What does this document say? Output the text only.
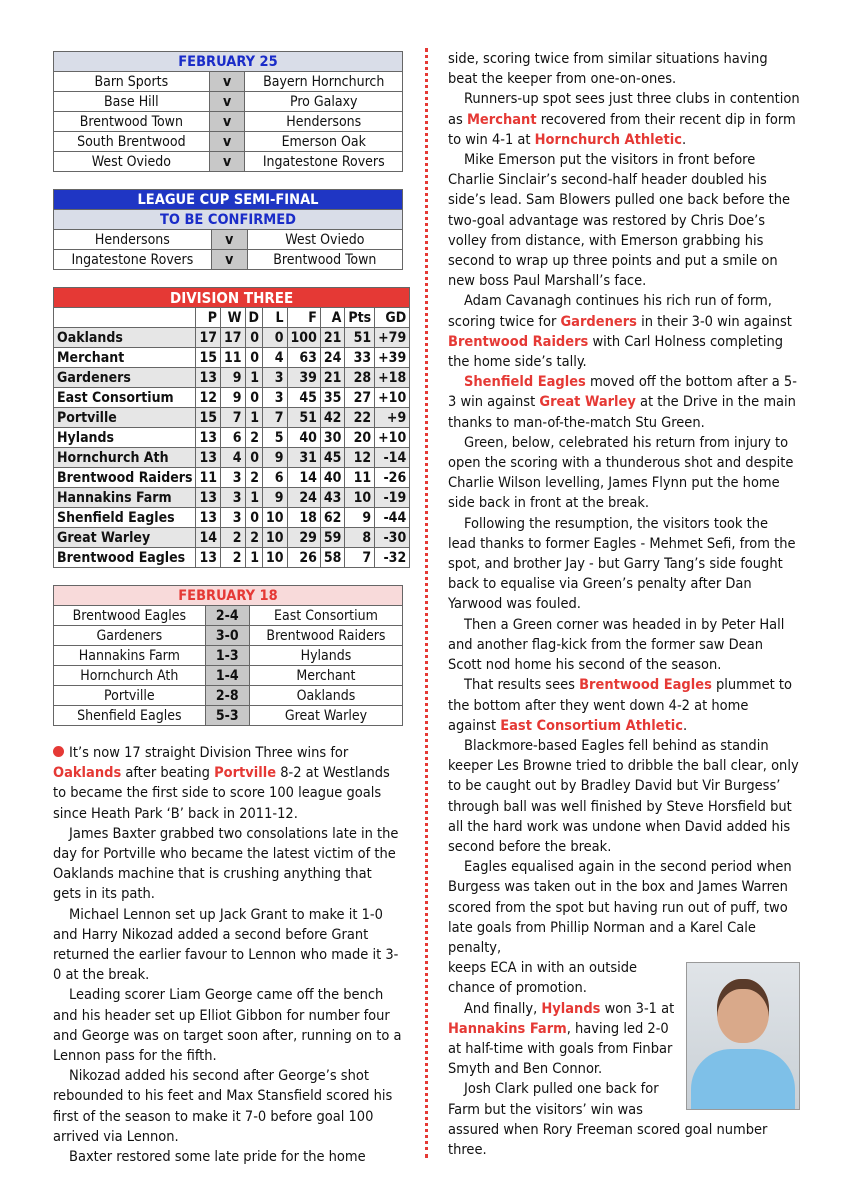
FEBRUARY 25		
Barn Sports	v	Bayern Hornchurch
Base Hill	v	Pro Galaxy
Brentwood Town	v	Hendersons
South Brentwood	v	Emerson Oak
West Oviedo	v	Ingatestone Rovers
LEAGUE CUP SEMI-FINAL		
TO BE CONFIRMED		
Hendersons	v	West Oviedo
Ingatestone Rovers	v	Brentwood Town
DIVISION THREE								
	P	W	D	L	F	A	Pts	GD
Oaklands	17	17	0	0	100	21	51	+79
Merchant	15	11	0	4	63	24	33	+39
Gardeners	13	9	1	3	39	21	28	+18
East Consortium	12	9	0	3	45	35	27	+10
Portville	15	7	1	7	51	42	22	+9
Hylands	13	6	2	5	40	30	20	+10
Hornchurch Ath	13	4	0	9	31	45	12	-14
Brentwood Raiders	11	3	2	6	14	40	11	-26
Hannakins Farm	13	3	1	9	24	43	10	-19
Shenfield Eagles	13	3	0	10	18	62	9	-44
Great Warley	14	2	2	10	29	59	8	-30
Brentwood Eagles	13	2	1	10	26	58	7	-32
FEBRUARY 18		
Brentwood Eagles	2-4	East Consortium
Gardeners	3-0	Brentwood Raiders
Hannakins Farm	1-3	Hylands
Hornchurch Ath	1-4	Merchant
Portville	2-8	Oaklands
Shenfield Eagles	5-3	Great Warley

It’s now 17 straight Division Three wins for Oaklands after beating Portville 8-2 at Westlands to became the first side to score 100 league goals since Heath Park ‘B’ back in 2011-12.

James Baxter grabbed two consolations late in the day for Portville who became the latest victim of the Oaklands machine that is crushing anything that gets in its path.

Michael Lennon set up Jack Grant to make it 1-0 and Harry Nikozad added a second before Grant returned the earlier favour to Lennon who made it 3-0 at the break.

Leading scorer Liam George came off the bench and his header set up Elliot Gibbon for number four and George was on target soon after, running on to a Lennon pass for the fifth.

Nikozad added his second after George’s shot rebounded to his feet and Max Stansfield scored his first of the season to make it 7-0 before goal 100 arrived via Lennon.

Baxter restored some late pride for the home

side, scoring twice from similar situations having beat the keeper from one-on-ones.

Runners-up spot sees just three clubs in contention as Merchant recovered from their recent dip in form to win 4-1 at Hornchurch Athletic.

Mike Emerson put the visitors in front before Charlie Sinclair’s second-half header doubled his side’s lead. Sam Blowers pulled one back before the two-goal advantage was restored by Chris Doe’s volley from distance, with Emerson grabbing his second to wrap up three points and put a smile on new boss Paul Marshall’s face.

Adam Cavanagh continues his rich run of form, scoring twice for Gardeners in their 3-0 win against Brentwood Raiders with Carl Holness completing the home side’s tally.

Shenfield Eagles moved off the bottom after a 5-3 win against Great Warley at the Drive in the main thanks to man-of-the-match Stu Green.

Green, below, celebrated his return from injury to open the scoring with a thunderous shot and despite Charlie Wilson levelling, James Flynn put the home side back in front at the break.

Following the resumption, the visitors took the lead thanks to former Eagles - Mehmet Sefi, from the spot, and brother Jay - but Garry Tang’s side fought back to equalise via Green’s penalty after Dan Yarwood was fouled.

Then a Green corner was headed in by Peter Hall and another flag-kick from the former saw Dean Scott nod home his second of the season.

That results sees Brentwood Eagles plummet to the bottom after they went down 4-2 at home against East Consortium Athletic.

Blackmore-based Eagles fell behind as standin keeper Les Browne tried to dribble the ball clear, only to be caught out by Bradley David but Vir Burgess’ through ball was well finished by Steve Horsfield but all the hard work was undone when David added his second before the break.

Eagles equalised again in the second period when Burgess was taken out in the box and James Warren scored from the spot but having run out of puff, two late goals from Phillip Norman and a Karel Cale penalty,

keeps ECA in with an outside chance of promotion.

And finally, Hylands won 3-1 at Hannakins Farm, having led 2-0 at half-time with goals from Finbar Smyth and Ben Connor.

Josh Clark pulled one back for Farm but the visitors’ win was assured when Rory Freeman scored goal number three.
